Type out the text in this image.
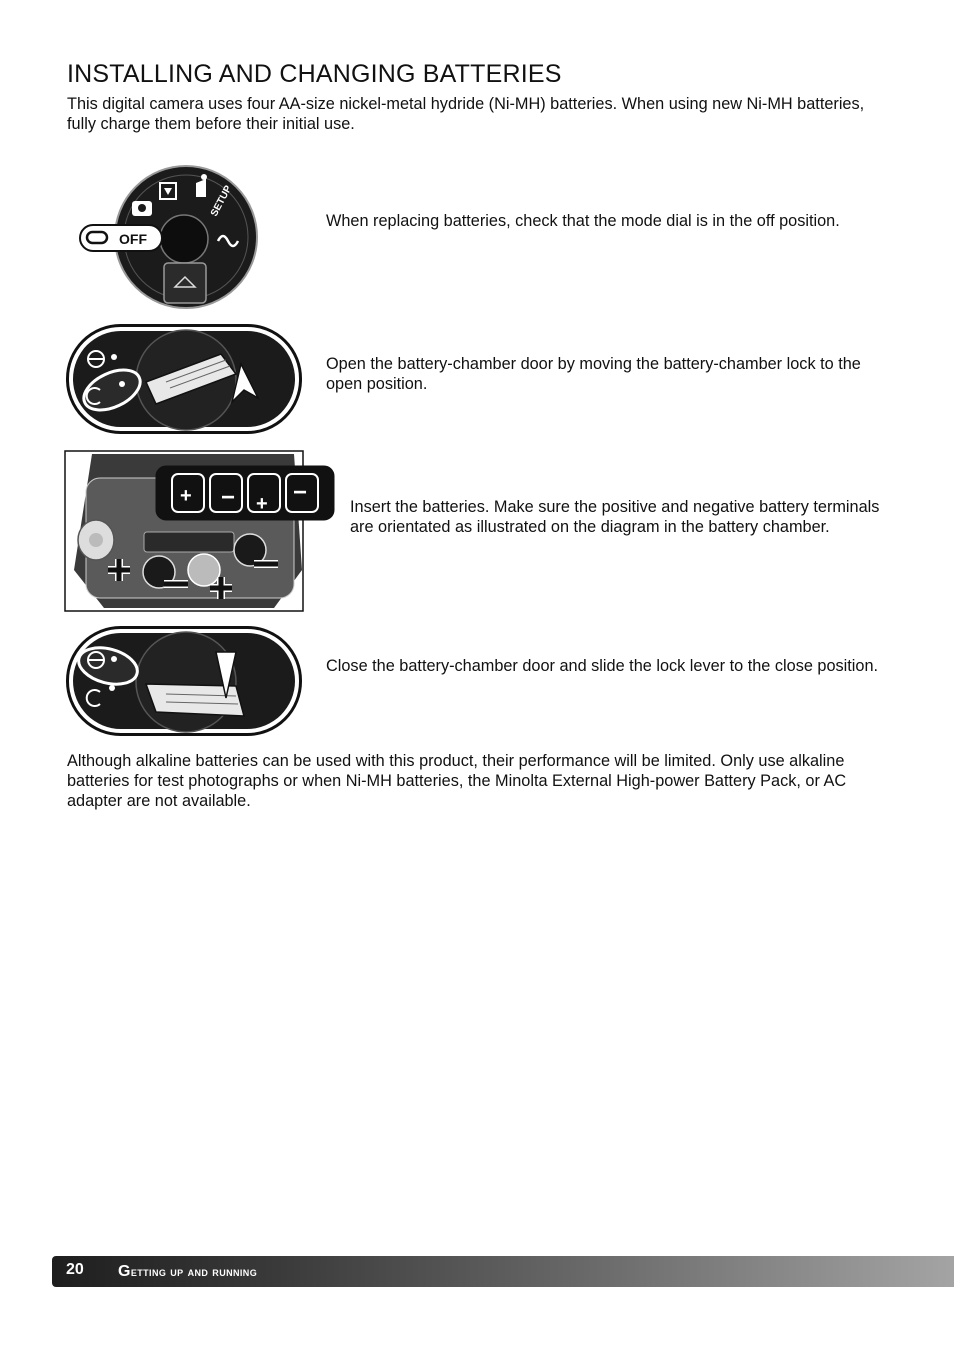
INSTALLING AND CHANGING BATTERIES

This digital camera uses four AA-size nickel-metal hydride (Ni-MH) batteries. When using new Ni-MH batteries, fully charge them before their initial use.

SETUP
OFF

When replacing batteries, check that the mode dial is in the off position.

Open the battery-chamber door by moving the battery-chamber lock to the open position.

+ − + −

Insert the batteries. Make sure the positive and negative battery terminals are orientated as illustrated on the diagram in the battery chamber.

Close the battery-chamber door and slide the lock lever to the close position.

Although alkaline batteries can be used with this product, their performance will be limited. Only use alkaline batteries for test photographs or when Ni-MH batteries, the Minolta External High-power Battery Pack, or AC adapter are not available.

20	getting up and running
